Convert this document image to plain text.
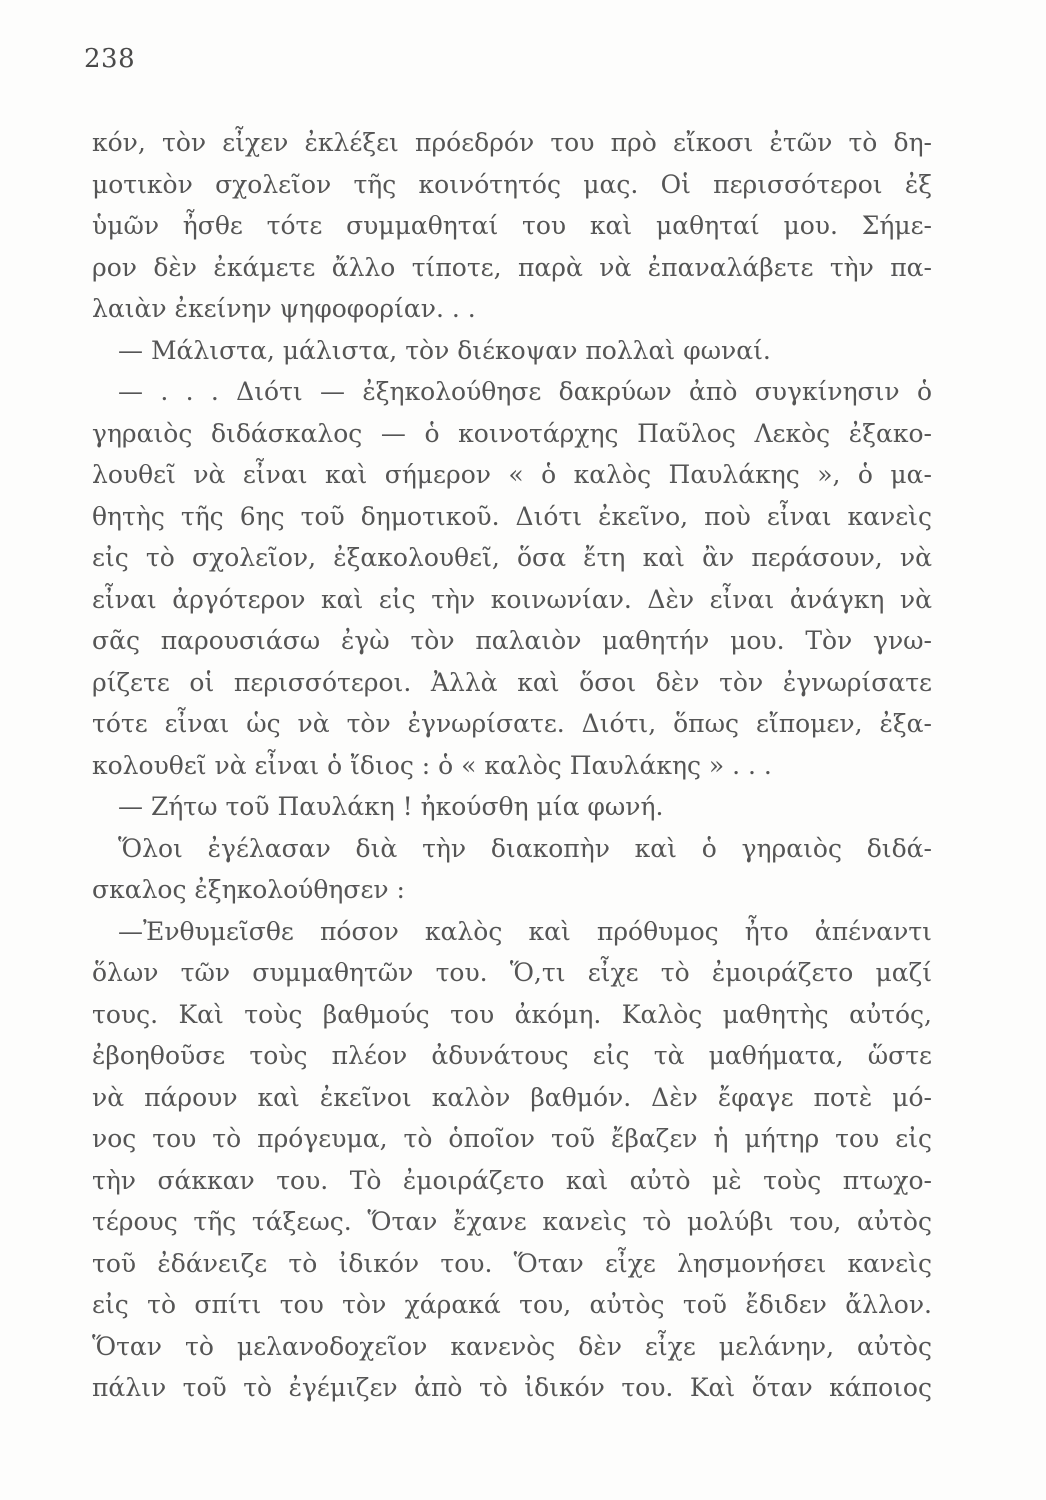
238
κόν, τὸν εἶχεν ἐκλέξει πρόεδρόν του πρὸ εἴκοσι ἐτῶν τὸ δη-
μοτικὸν σχολεῖον τῆς κοινότητός μας. Οἱ περισσότεροι ἐξ
ὑμῶν ἦσθε τότε συμμαθηταί του καὶ μαθηταί μου. Σήμε-
ρον δὲν ἐκάμετε ἄλλο τίποτε, παρὰ νὰ ἐπαναλάβετε τὴν πα-
λαιὰν ἐκείνην ψηφοφορίαν. . .
— Μάλιστα, μάλιστα, τὸν διέκοψαν πολλαὶ φωναί.
— . . . Διότι — ἐξηκολούθησε δακρύων ἀπὸ συγκίνησιν ὁ
γηραιὸς διδάσκαλος — ὁ κοινοτάρχης Παῦλος Λεκὸς ἐξακο-
λουθεῖ νὰ εἶναι καὶ σήμερον « ὁ καλὸς Παυλάκης », ὁ μα-
θητὴς τῆς 6ης τοῦ δημοτικοῦ. Διότι ἐκεῖνο, ποὺ εἶναι κανεὶς
εἰς τὸ σχολεῖον, ἐξακολουθεῖ, ὅσα ἔτη καὶ ἂν περάσουν, νὰ
εἶναι ἀργότερον καὶ εἰς τὴν κοινωνίαν. Δὲν εἶναι ἀνάγκη νὰ
σᾶς παρουσιάσω ἐγὼ τὸν παλαιὸν μαθητήν μου. Τὸν γνω-
ρίζετε οἱ περισσότεροι. Ἀλλὰ καὶ ὅσοι δὲν τὸν ἐγνωρίσατε
τότε εἶναι ὡς νὰ τὸν ἐγνωρίσατε. Διότι, ὅπως εἴπομεν, ἐξα-
κολουθεῖ νὰ εἶναι ὁ ἴδιος : ὁ « καλὸς Παυλάκης » . . .
— Ζήτω τοῦ Παυλάκη ! ἠκούσθη μία φωνή.
Ὅλοι ἐγέλασαν διὰ τὴν διακοπὴν καὶ ὁ γηραιὸς διδά-
σκαλος ἐξηκολούθησεν :
—Ἐνθυμεῖσθε πόσον καλὸς καὶ πρόθυμος ἦτο ἀπέναντι
ὅλων τῶν συμμαθητῶν του. Ὅ,τι εἶχε τὸ ἐμοιράζετο μαζί
τους. Καὶ τοὺς βαθμούς του ἀκόμη. Καλὸς μαθητὴς αὐτός,
ἐβοηθοῦσε τοὺς πλέον ἀδυνάτους εἰς τὰ μαθήματα, ὥστε
νὰ πάρουν καὶ ἐκεῖνοι καλὸν βαθμόν. Δὲν ἔφαγε ποτὲ μό-
νος του τὸ πρόγευμα, τὸ ὁποῖον τοῦ ἔβαζεν ἡ μήτηρ του εἰς
τὴν σάκκαν του. Τὸ ἐμοιράζετο καὶ αὐτὸ μὲ τοὺς πτωχο-
τέρους τῆς τάξεως. Ὅταν ἔχανε κανεὶς τὸ μολύβι του, αὐτὸς
τοῦ ἐδάνειζε τὸ ἰδικόν του. Ὅταν εἶχε λησμονήσει κανεὶς
εἰς τὸ σπίτι του τὸν χάρακά του, αὐτὸς τοῦ ἔδιδεν ἄλλον.
Ὅταν τὸ μελανοδοχεῖον κανενὸς δὲν εἶχε μελάνην, αὐτὸς
πάλιν τοῦ τὸ ἐγέμιζεν ἀπὸ τὸ ἰδικόν του. Καὶ ὅταν κάποιος
